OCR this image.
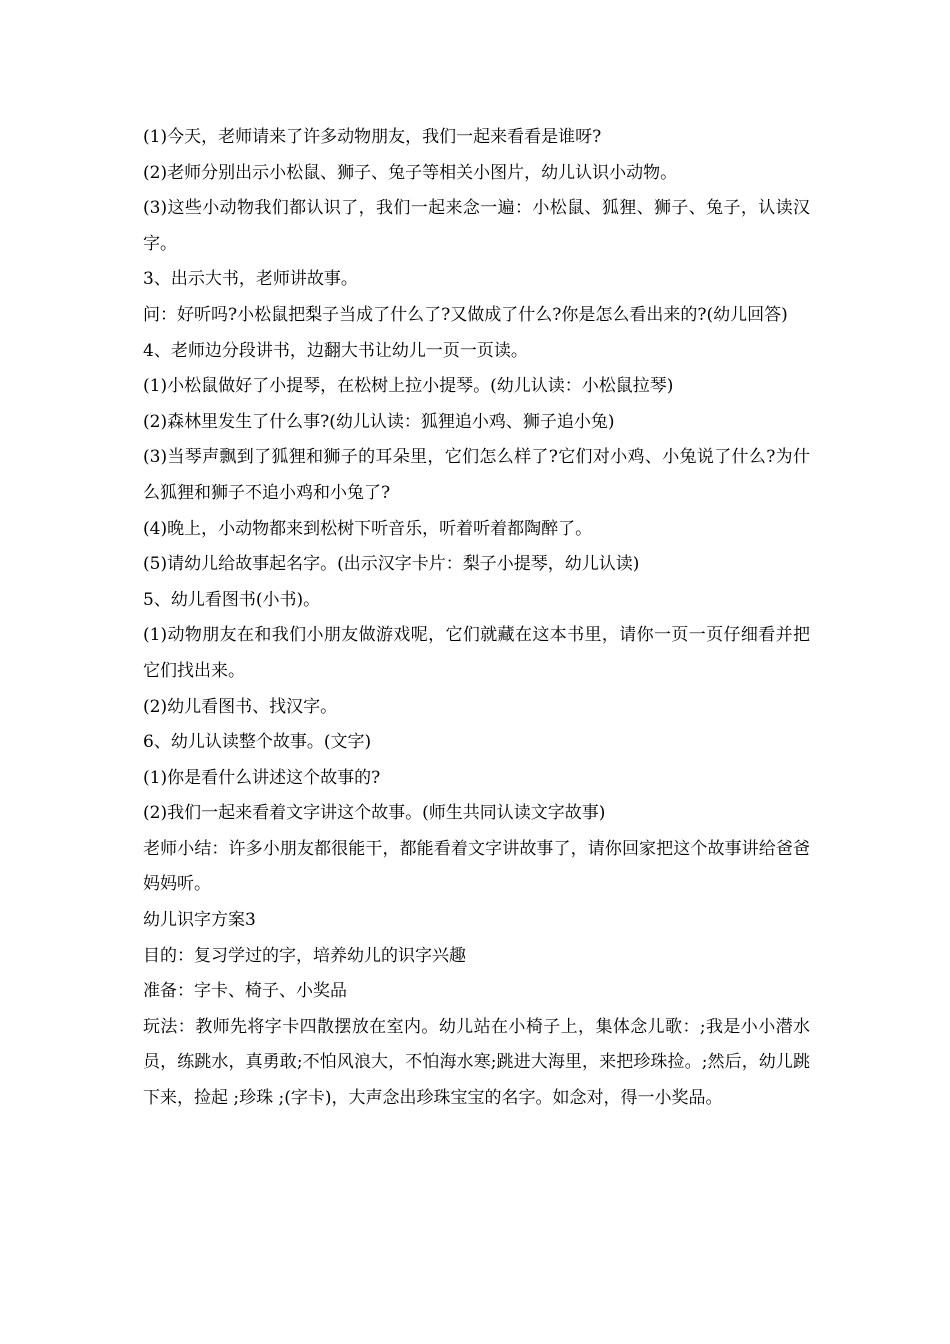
(1)今天，老师请来了许多动物朋友，我们一起来看看是谁呀?

(2)老师分别出示小松鼠、狮子、兔子等相关小图片，幼儿认识小动物。

(3)这些小动物我们都认识了，我们一起来念一遍：小松鼠、狐狸、狮子、兔子，认读汉字。

3、出示大书，老师讲故事。

问：好听吗?小松鼠把梨子当成了什么了?又做成了什么?你是怎么看出来的?(幼儿回答)

4、老师边分段讲书，边翻大书让幼儿一页一页读。

(1)小松鼠做好了小提琴，在松树上拉小提琴。(幼儿认读：小松鼠拉琴)

(2)森林里发生了什么事?(幼儿认读：狐狸追小鸡、狮子追小兔)

(3)当琴声飘到了狐狸和狮子的耳朵里，它们怎么样了?它们对小鸡、小兔说了什么?为什么狐狸和狮子不追小鸡和小兔了?

(4)晚上，小动物都来到松树下听音乐，听着听着都陶醉了。

(5)请幼儿给故事起名字。(出示汉字卡片：梨子小提琴，幼儿认读)

5、幼儿看图书(小书)。

(1)动物朋友在和我们小朋友做游戏呢，它们就藏在这本书里，请你一页一页仔细看并把它们找出来。

(2)幼儿看图书、找汉字。

6、幼儿认读整个故事。(文字)

(1)你是看什么讲述这个故事的?

(2)我们一起来看着文字讲这个故事。(师生共同认读文字故事)

老师小结：许多小朋友都很能干，都能看着文字讲故事了，请你回家把这个故事讲给爸爸妈妈听。

幼儿识字方案3

目的：复习学过的字，培养幼儿的识字兴趣

准备：字卡、椅子、小奖品

玩法：教师先将字卡四散摆放在室内。幼儿站在小椅子上，集体念儿歌：;我是小小潜水员，练跳水，真勇敢;不怕风浪大，不怕海水寒;跳进大海里，来把珍珠捡。;然后，幼儿跳下来，捡起 ;珍珠 ;(字卡)，大声念出珍珠宝宝的名字。如念对，得一小奖品。
